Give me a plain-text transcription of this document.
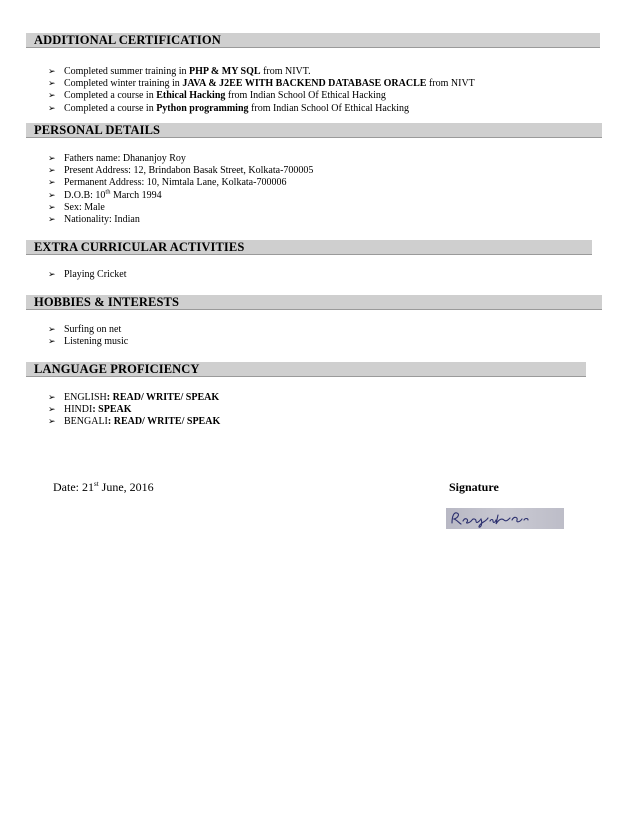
ADDITIONAL CERTIFICATION
➢ Completed summer training in PHP & MY SQL from NIVT.
➢ Completed winter training in JAVA & J2EE WITH BACKEND DATABASE ORACLE from NIVT
➢ Completed a course in Ethical Hacking from Indian School Of Ethical Hacking
➢ Completed a course in Python programming from Indian School Of Ethical Hacking
PERSONAL DETAILS
➢ Fathers name: Dhananjoy Roy
➢ Present Address: 12, Brindabon Basak Street, Kolkata-700005
➢ Permanent Address: 10, Nimtala Lane, Kolkata-700006
➢ D.O.B: 10th March 1994
➢ Sex: Male
➢ Nationality: Indian
EXTRA CURRICULAR ACTIVITIES
➢ Playing Cricket
HOBBIES & INTERESTS
➢ Surfing on net
➢ Listening music
LANGUAGE PROFICIENCY
➢ ENGLISH: READ/ WRITE/ SPEAK
➢ HINDI: SPEAK
➢ BENGALI: READ/ WRITE/ SPEAK
Date: 21st June, 2016	Signature
